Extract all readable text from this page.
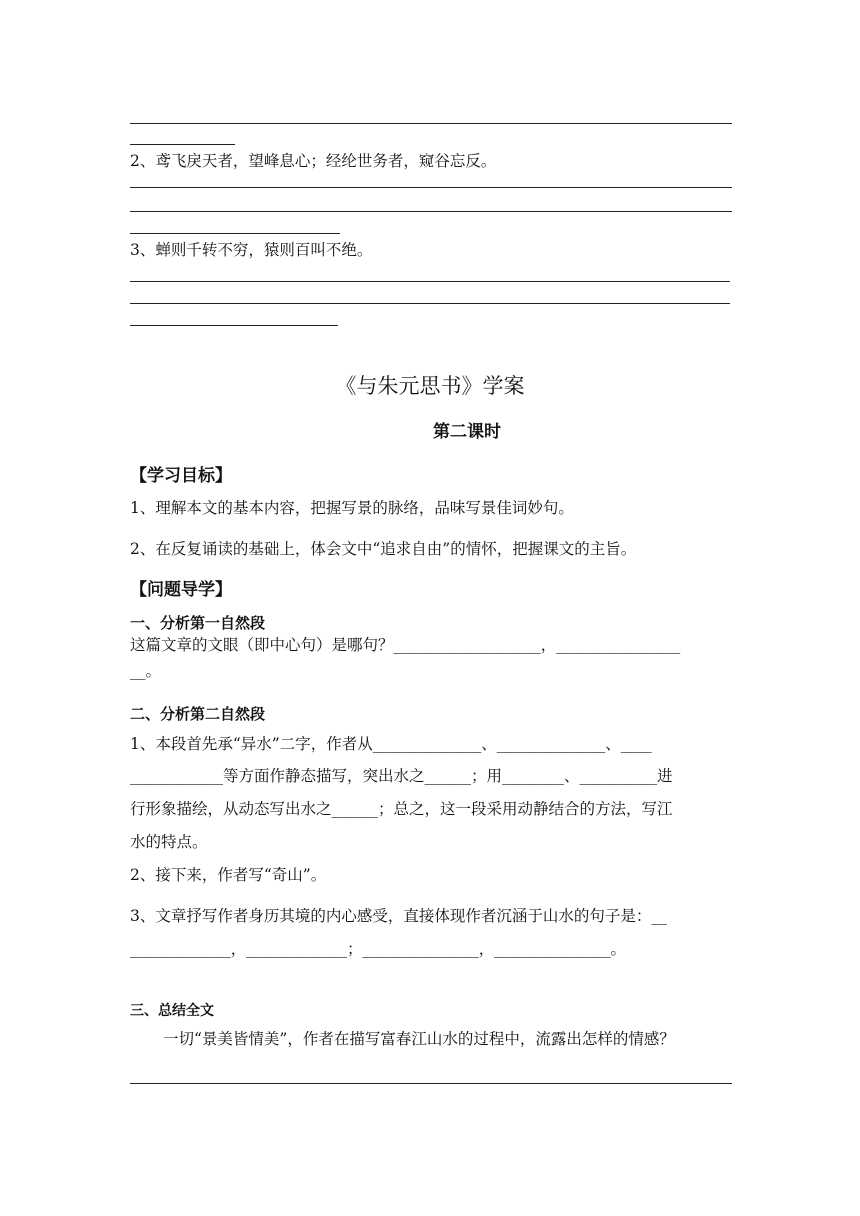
2、鸢飞戾天者，望峰息心；经纶世务者，窥谷忘反。
3、蝉则千转不穷，猿则百叫不绝。
《与朱元思书》学案
第二课时
【学习目标】
1、理解本文的基本内容，把握写景的脉络，品味写景佳词妙句。
2、在反复诵读的基础上，体会文中“追求自由”的情怀，把握课文的主旨。
【问题导学】
一、分析第一自然段
这篇文章的文眼（即中心句）是哪句？___________________，________________
__。
二、分析第二自然段
1、本段首先承“异水”二字，作者从______________、______________、____
____________等方面作静态描写，突出水之______；用________、__________进
行形象描绘，从动态写出水之______；总之，这一段采用动静结合的方法，写江
水的特点。
2、接下来，作者写“奇山”。
3、文章抒写作者身历其境的内心感受，直接体现作者沉涵于山水的句子是：__
_____________，_____________；_______________，_______________。
三、总结全文
一切“景美皆情美”，作者在描写富春江山水的过程中，流露出怎样的情感？
